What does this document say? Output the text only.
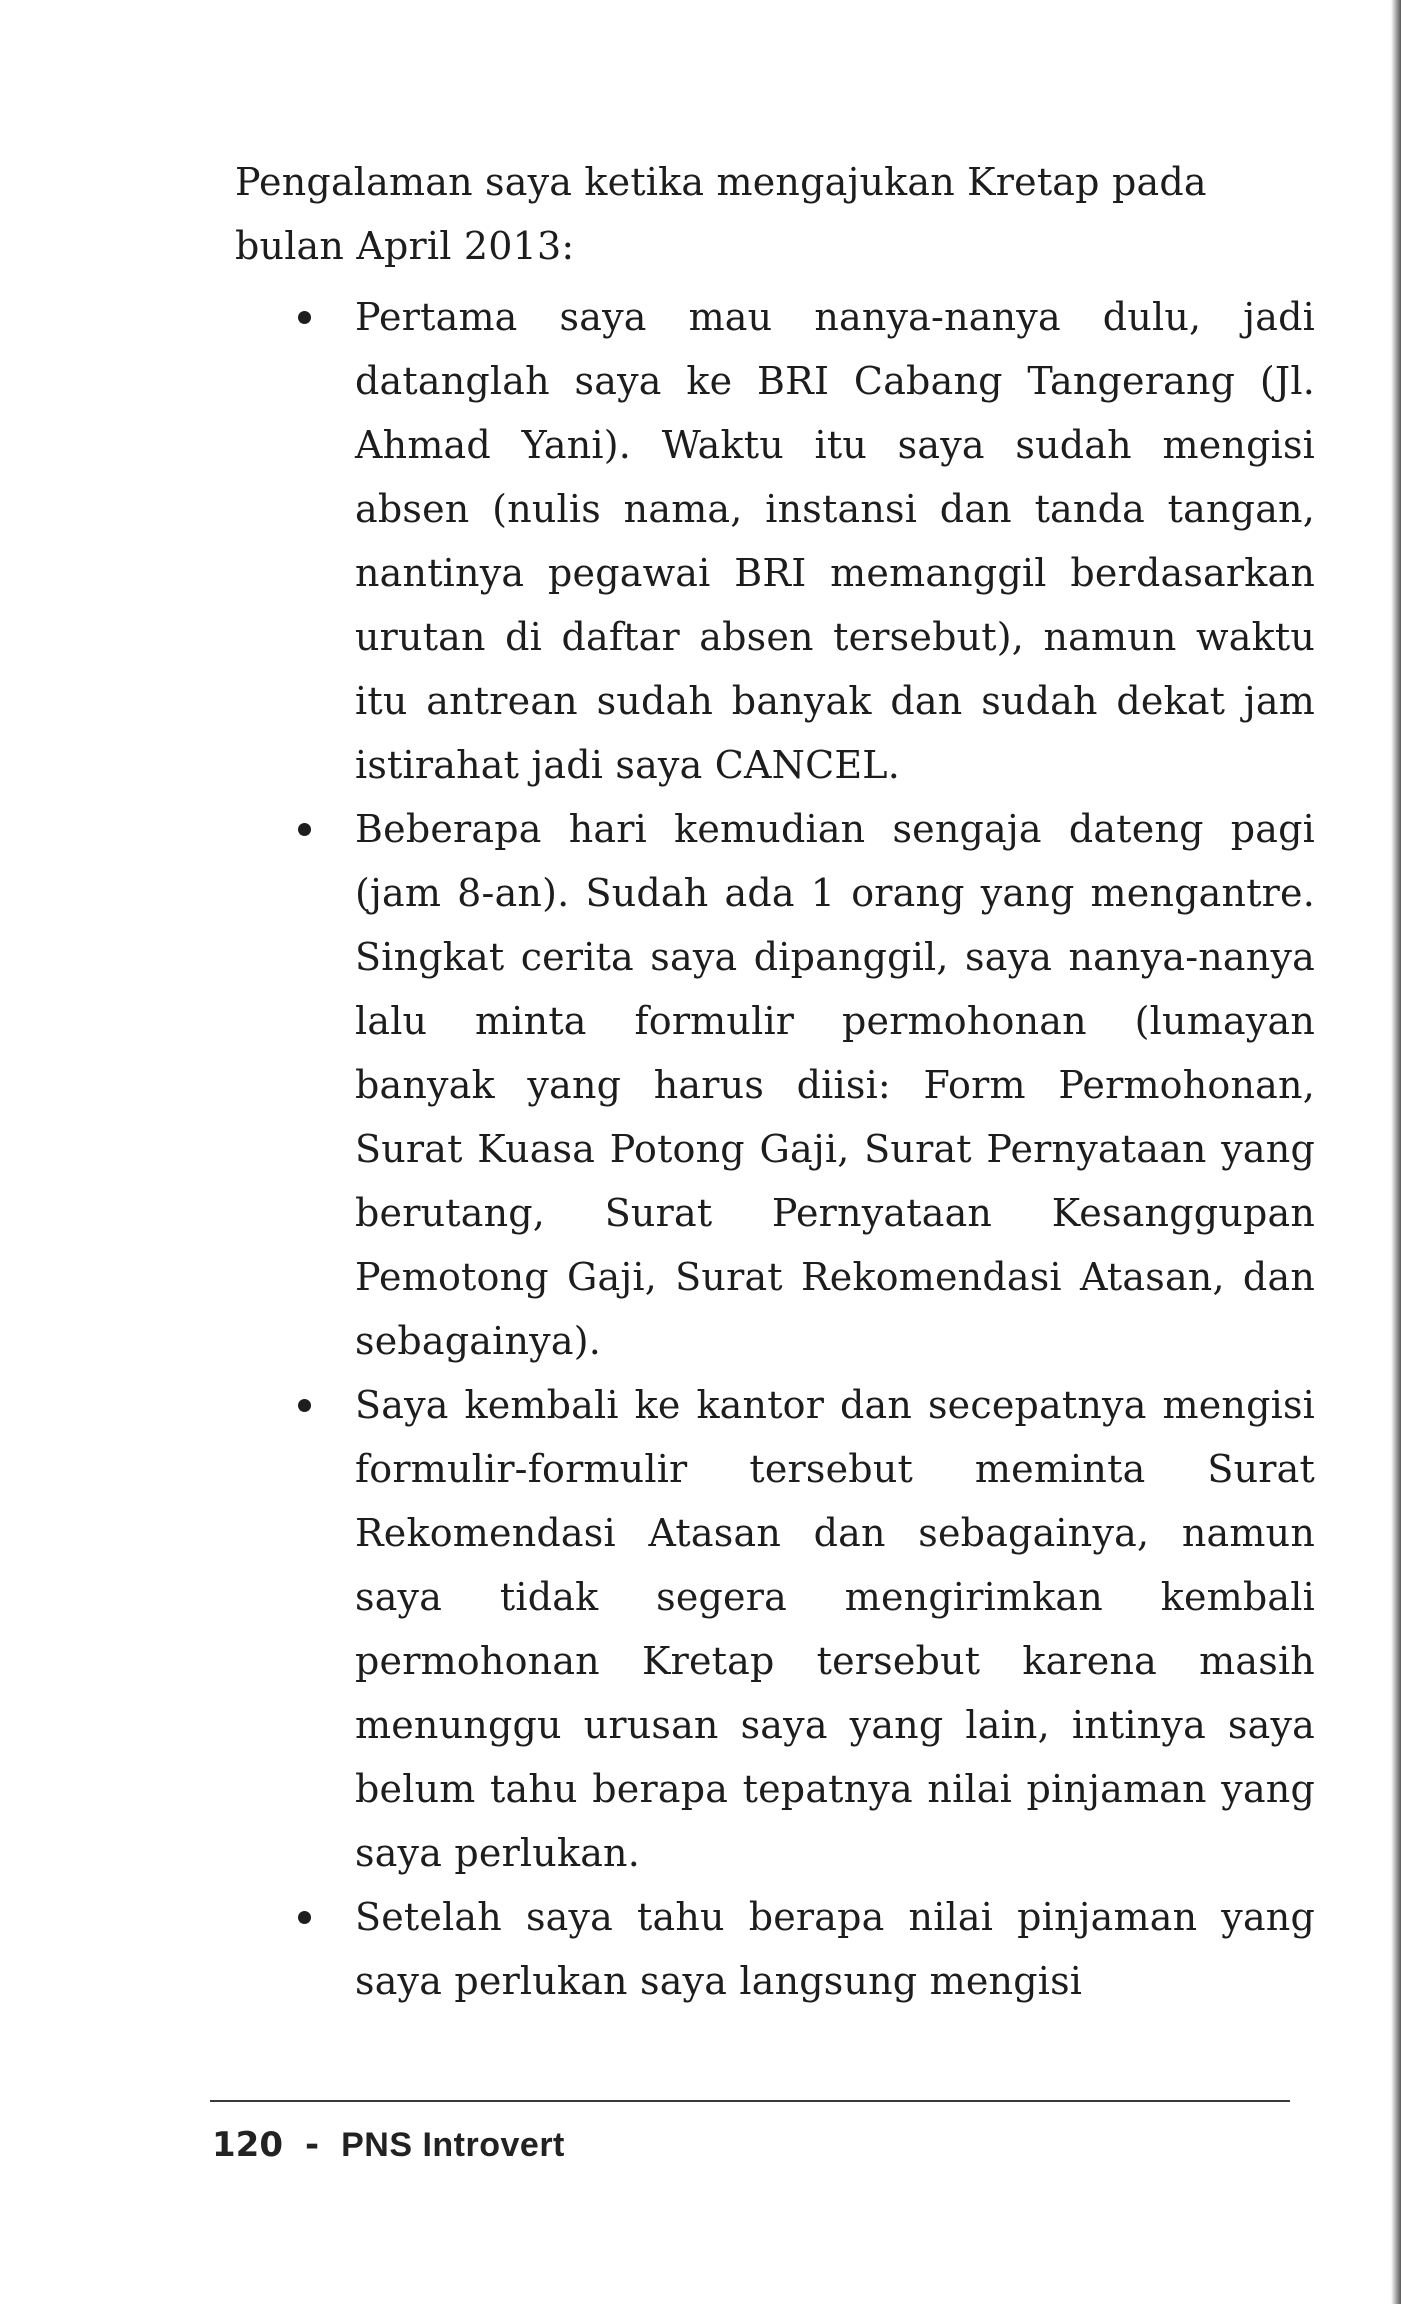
Pengalaman saya ketika mengajukan Kretap pada bulan April 2013:

Pertama saya mau nanya-nanya dulu, jadi datanglah saya ke BRI Cabang Tangerang (Jl. Ahmad Yani). Waktu itu saya sudah mengisi absen (nulis nama, instansi dan tanda tangan, nantinya pegawai BRI memanggil berdasarkan urutan di daftar absen tersebut), namun waktu itu antrean sudah banyak dan sudah dekat jam istirahat jadi saya CANCEL.
Beberapa hari kemudian sengaja dateng pagi (jam 8-an). Sudah ada 1 orang yang mengantre. Singkat cerita saya dipanggil, saya nanya-nanya lalu minta formulir permohonan (lumayan banyak yang harus diisi: Form Permohonan, Surat Kuasa Potong Gaji, Surat Pernyataan yang berutang, Surat Pernyataan Kesanggupan Pemotong Gaji, Surat Rekomendasi Atasan, dan sebagainya).
Saya kembali ke kantor dan secepatnya mengisi formulir-formulir tersebut meminta Surat Rekomendasi Atasan dan sebagainya, namun saya tidak segera mengirimkan kembali permohonan Kretap tersebut karena masih menunggu urusan saya yang lain, intinya saya belum tahu berapa tepatnya nilai pinjaman yang saya perlukan.
Setelah saya tahu berapa nilai pinjaman yang saya perlukan saya langsung mengisi
120 - PNS Introvert
